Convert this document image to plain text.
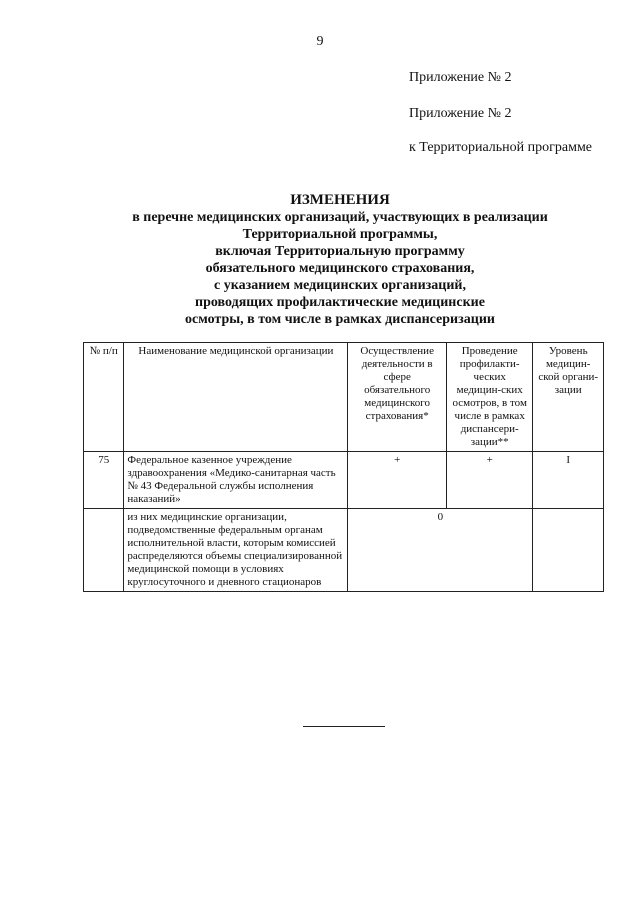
9
Приложение № 2
Приложение № 2
к Территориальной программе
ИЗМЕНЕНИЯ
в перечне медицинских организаций, участвующих в реализации
Территориальной программы,
включая Территориальную программу
обязательного медицинского страхования,
с указанием медицинских организаций,
проводящих профилактические медицинские
осмотры, в том числе в рамках диспансеризации
№ п/п	Наименование медицинской организации	Осуществление деятельности в сфере обязательного медицинского страхования*	Проведение профилакти-ческих медицин-ских осмотров, в том числе в рамках диспансери-зации**	Уровень медицин-ской органи-зации
75	Федеральное казенное учреждение здравоохранения «Медико-санитарная часть № 43 Федеральной службы исполнения наказаний»	+	+	I
	из них медицинские организации, подведомственные федеральным органам исполнительной власти, которым комиссией распределяются объемы специализированной медицинской помощи в условиях круглосуточного и дневного стационаров	0		
